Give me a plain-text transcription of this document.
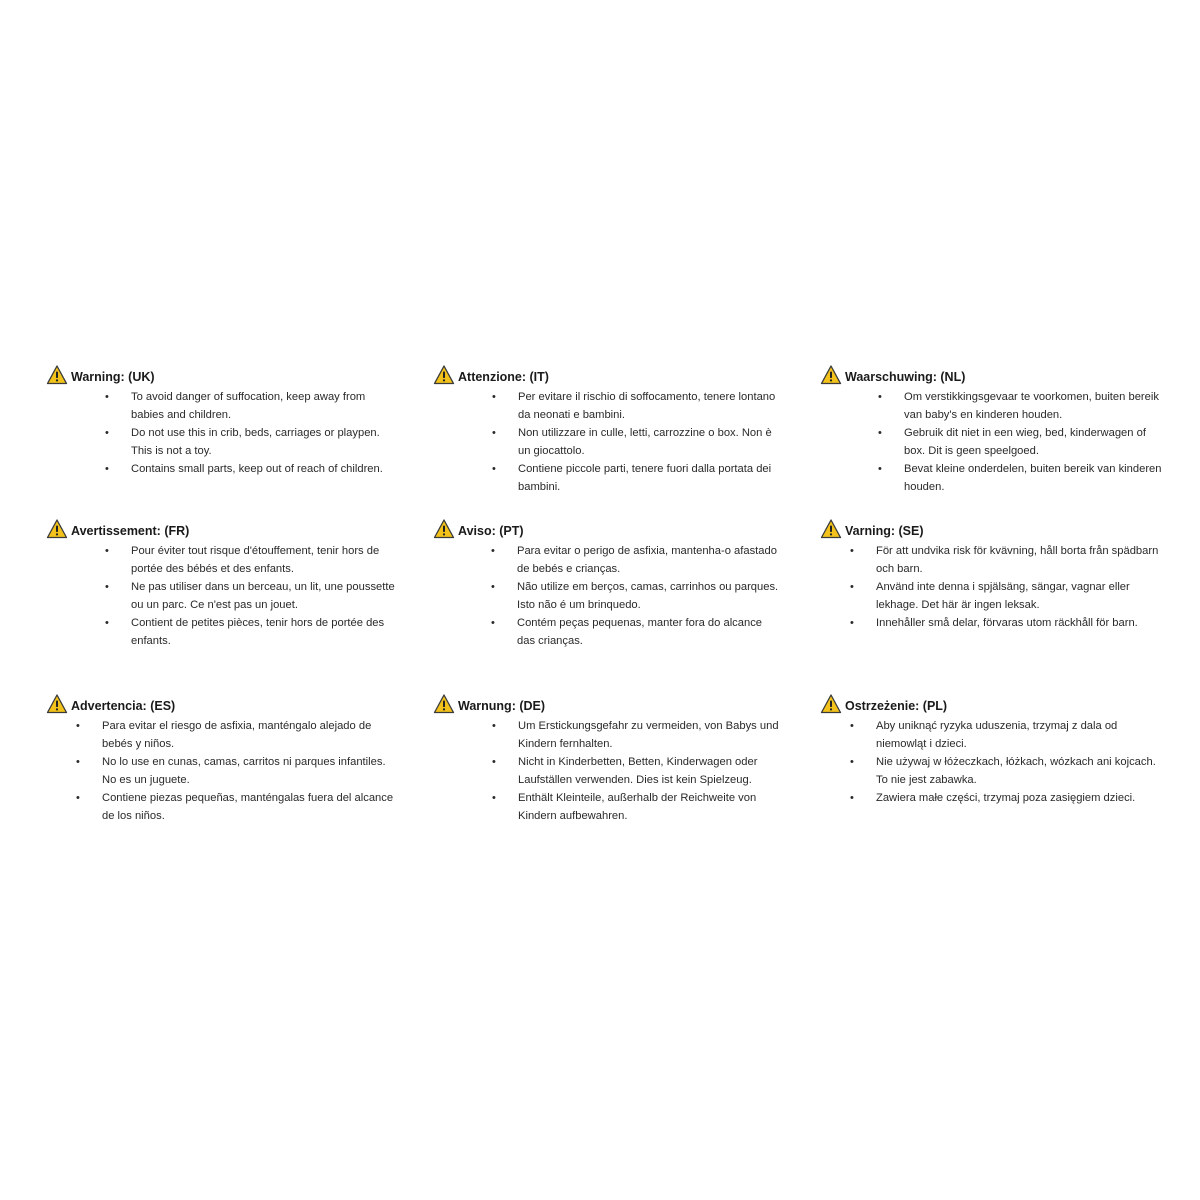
Warning: (UK)
• To avoid danger of suffocation, keep away from babies and children.
• Do not use this in crib, beds, carriages or playpen. This is not a toy.
• Contains small parts, keep out of reach of children.
Attenzione: (IT)
• Per evitare il rischio di soffocamento, tenere lontano da neonati e bambini.
• Non utilizzare in culle, letti, carrozzine o box. Non è un giocattolo.
• Contiene piccole parti, tenere fuori dalla portata dei bambini.
Waarschuwing: (NL)
• Om verstikkingsgevaar te voorkomen, buiten bereik van baby's en kinderen houden.
• Gebruik dit niet in een wieg, bed, kinderwagen of box. Dit is geen speelgoed.
• Bevat kleine onderdelen, buiten bereik van kinderen houden.
Avertissement: (FR)
• Pour éviter tout risque d'étouffement, tenir hors de portée des bébés et des enfants.
• Ne pas utiliser dans un berceau, un lit, une poussette ou un parc. Ce n'est pas un jouet.
• Contient de petites pièces, tenir hors de portée des enfants.
Aviso: (PT)
• Para evitar o perigo de asfixia, mantenha-o afastado de bebés e crianças.
• Não utilize em berços, camas, carrinhos ou parques. Isto não é um brinquedo.
• Contém peças pequenas, manter fora do alcance das crianças.
Varning: (SE)
• För att undvika risk för kvävning, håll borta från spädbarn och barn.
• Använd inte denna i spjälsäng, sängar, vagnar eller lekhage. Det här är ingen leksak.
• Innehåller små delar, förvaras utom räckhåll för barn.
Advertencia: (ES)
• Para evitar el riesgo de asfixia, manténgalo alejado de bebés y niños.
• No lo use en cunas, camas, carritos ni parques infantiles. No es un juguete.
• Contiene piezas pequeñas, manténgalas fuera del alcance de los niños.
Warnung: (DE)
• Um Erstickungsgefahr zu vermeiden, von Babys und Kindern fernhalten.
• Nicht in Kinderbetten, Betten, Kinderwagen oder Laufställen verwenden. Dies ist kein Spielzeug.
• Enthält Kleinteile, außerhalb der Reichweite von Kindern aufbewahren.
Ostrzeżenie: (PL)
• Aby uniknąć ryzyka uduszenia, trzymaj z dala od niemowląt i dzieci.
• Nie używaj w łóżeczkach, łóżkach, wózkach ani kojcach. To nie jest zabawka.
• Zawiera małe części, trzymaj poza zasięgiem dzieci.
